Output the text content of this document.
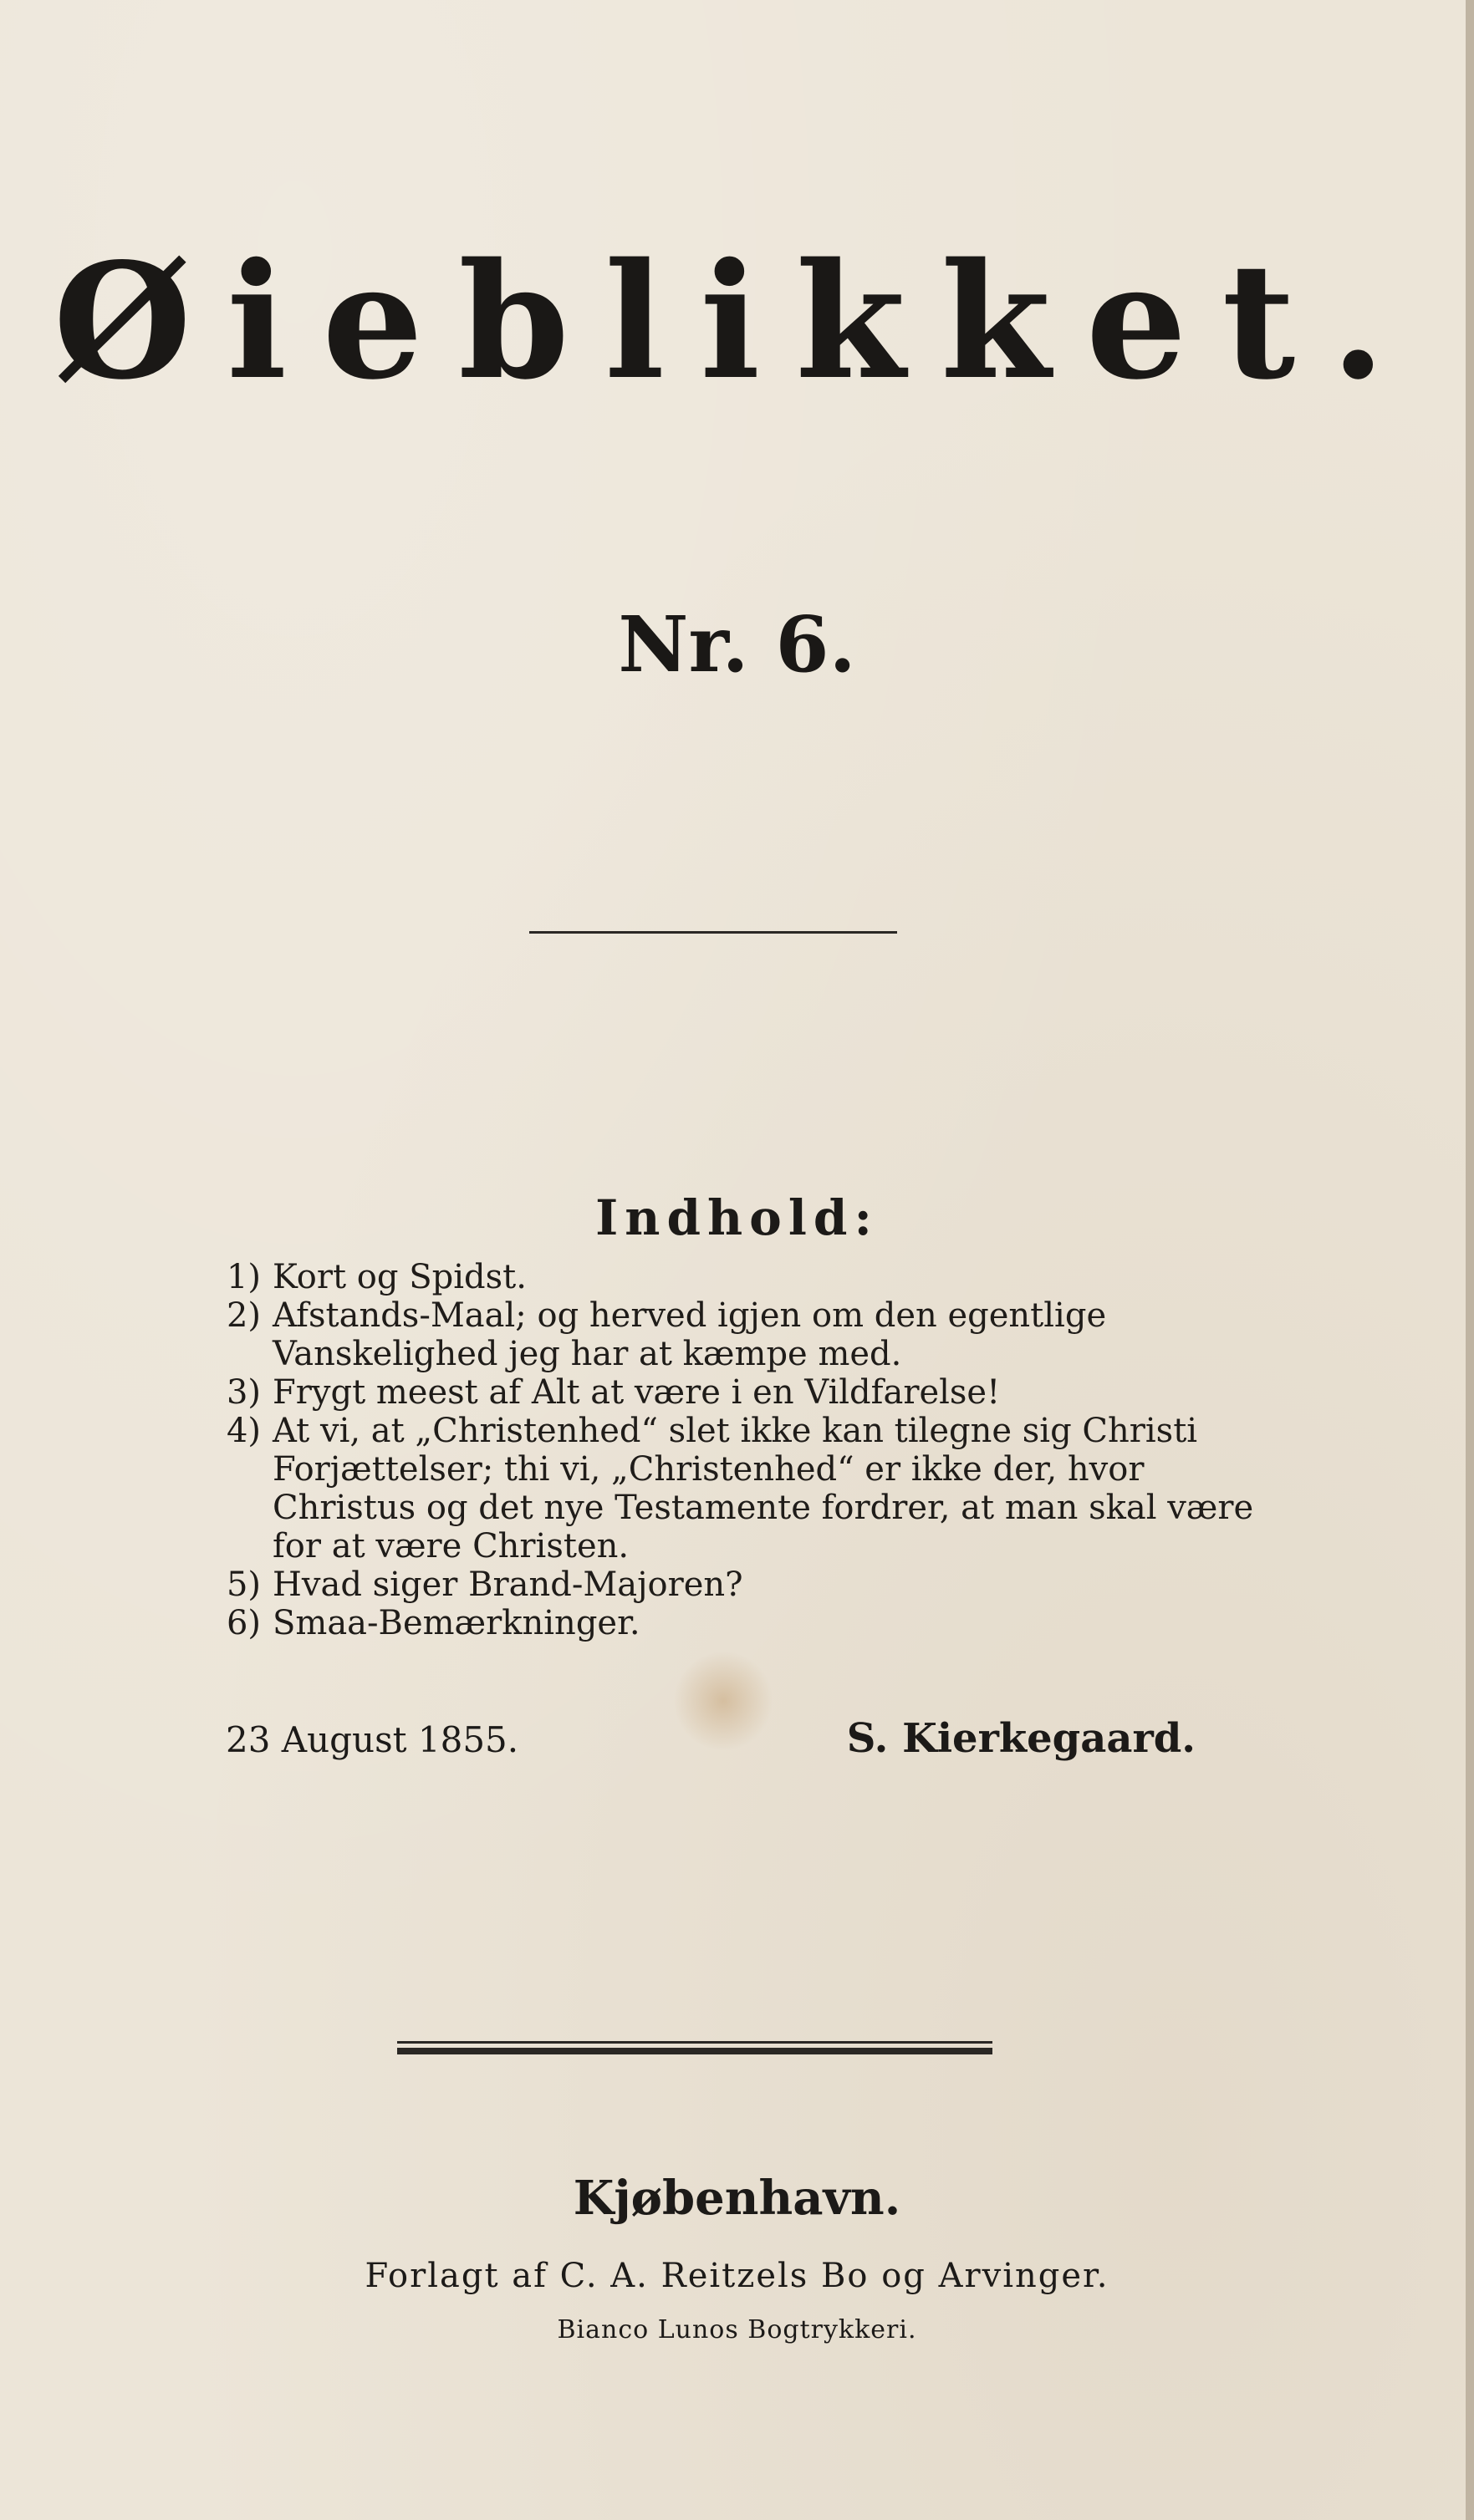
Øieblikket.
Nr. 6.
Indhold:
1) Kort og Spidst.
2) Afstands-Maal; og herved igjen om den egentlige Vanskelighed jeg har at kæmpe med.
3) Frygt meest af Alt at være i en Vildfarelse!
4) At vi, at „Christenhed“ slet ikke kan tilegne sig Christi Forjættelser; thi vi, „Christenhed“ er ikke der, hvor Christus og det nye Testamente fordrer, at man skal være for at være Christen.
5) Hvad siger Brand-Majoren?
6) Smaa-Bemærkninger.
23 August 1855.	S. Kierkegaard.
Kjøbenhavn.
Forlagt af C. A. Reitzels Bo og Arvinger.
Bianco Lunos Bogtrykkeri.
